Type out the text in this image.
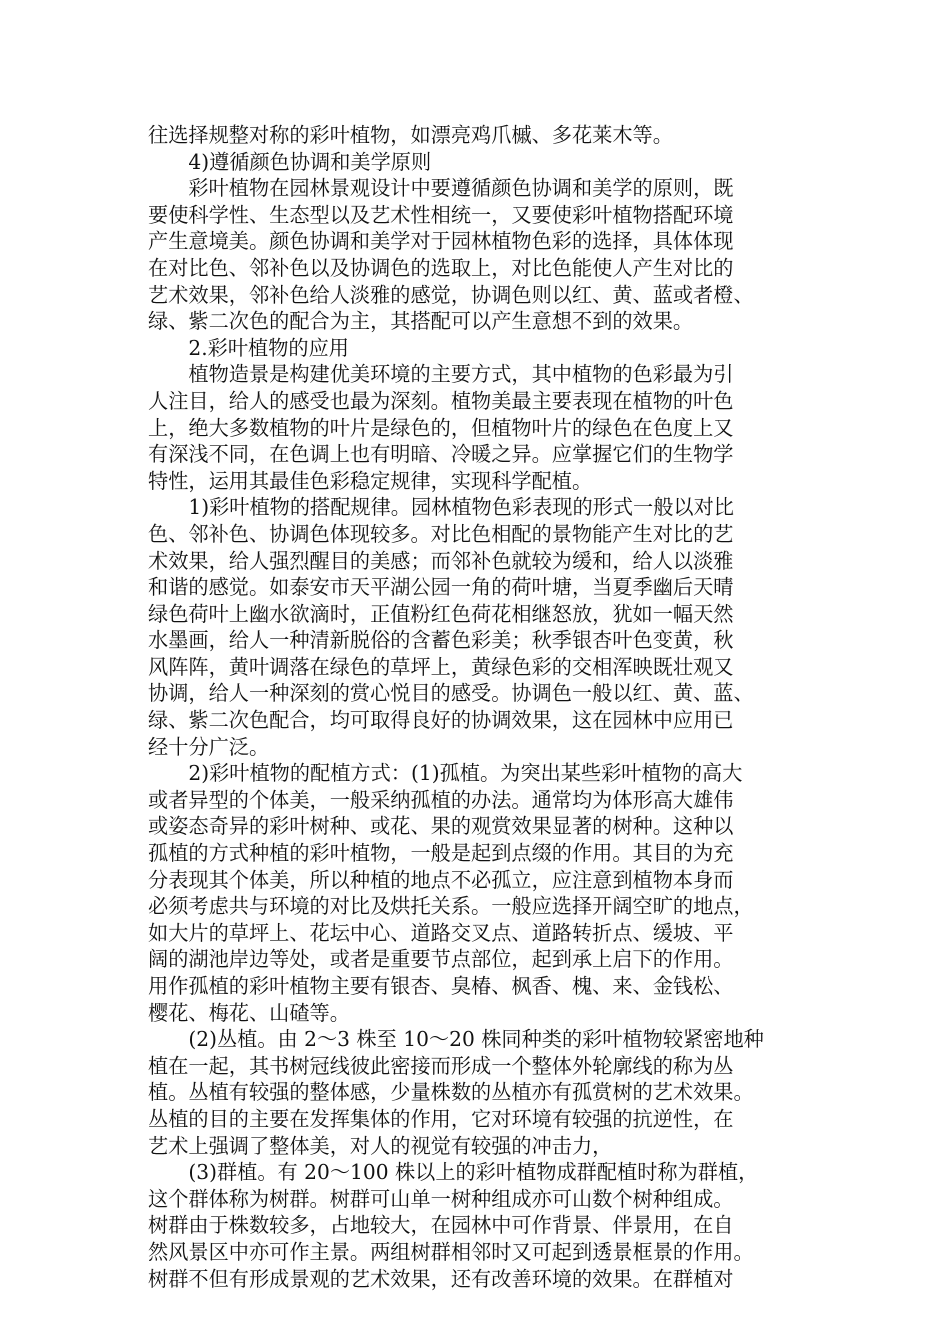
往选择规整对称的彩叶植物，如漂亮鸡爪槭、多花莱木等。
　　4)遵循颜色协调和美学原则
　　彩叶植物在园林景观设计中要遵循颜色协调和美学的原则，既
要使科学性、生态型以及艺术性相统一，又要使彩叶植物搭配环境
产生意境美。颜色协调和美学对于园林植物色彩的选择，具体体现
在对比色、邻补色以及协调色的选取上，对比色能使人产生对比的
艺术效果，邻补色给人淡雅的感觉，协调色则以红、黄、蓝或者橙、
绿、紫二次色的配合为主，其搭配可以产生意想不到的效果。
　　2.彩叶植物的应用
　　植物造景是构建优美环境的主要方式，其中植物的色彩最为引
人注目，给人的感受也最为深刻。植物美最主要表现在植物的叶色
上，绝大多数植物的叶片是绿色的，但植物叶片的绿色在色度上又
有深浅不同，在色调上也有明暗、冷暖之异。应掌握它们的生物学
特性，运用其最佳色彩稳定规律，实现科学配植。
　　1)彩叶植物的搭配规律。园林植物色彩表现的形式一般以对比
色、邻补色、协调色体现较多。对比色相配的景物能产生对比的艺
术效果，给人强烈醒目的美感；而邻补色就较为缓和，给人以淡雅
和谐的感觉。如泰安市天平湖公园一角的荷叶塘，当夏季幽后天晴
绿色荷叶上幽水欲滴时，正值粉红色荷花相继怒放，犹如一幅天然
水墨画，给人一种清新脱俗的含蓄色彩美；秋季银杏叶色变黄，秋
风阵阵，黄叶调落在绿色的草坪上，黄绿色彩的交相浑映既壮观又
协调，给人一种深刻的赏心悦目的感受。协调色一般以红、黄、蓝、
绿、紫二次色配合，均可取得良好的协调效果，这在园林中应用已
经十分广泛。
　　2)彩叶植物的配植方式：(1)孤植。为突出某些彩叶植物的高大
或者异型的个体美，一般采纳孤植的办法。通常均为体形高大雄伟
或姿态奇异的彩叶树种、或花、果的观赏效果显著的树种。这种以
孤植的方式种植的彩叶植物，一般是起到点缀的作用。其目的为充
分表现其个体美，所以种植的地点不必孤立，应注意到植物本身而
必须考虑共与环境的对比及烘托关系。一般应选择开阔空旷的地点，
如大片的草坪上、花坛中心、道路交叉点、道路转折点、缓坡、平
阔的湖池岸边等处，或者是重要节点部位，起到承上启下的作用。
用作孤植的彩叶植物主要有银杏、臭椿、枫香、槐、来、金钱松、
樱花、梅花、山碴等。
　　(2)丛植。由 2～3 株至 10～20 株同种类的彩叶植物较紧密地种
植在一起，其书树冠线彼此密接而形成一个整体外轮廓线的称为丛
植。丛植有较强的整体感，少量株数的丛植亦有孤赏树的艺术效果。
丛植的目的主要在发挥集体的作用，它对环境有较强的抗逆性，在
艺术上强调了整体美，对人的视觉有较强的冲击力，
　　(3)群植。有 20～100 株以上的彩叶植物成群配植时称为群植，
这个群体称为树群。树群可山单一树种组成亦可山数个树种组成。
树群由于株数较多，占地较大，在园林中可作背景、伴景用，在自
然风景区中亦可作主景。两组树群相邻时又可起到透景框景的作用。
树群不但有形成景观的艺术效果，还有改善环境的效果。在群植对
